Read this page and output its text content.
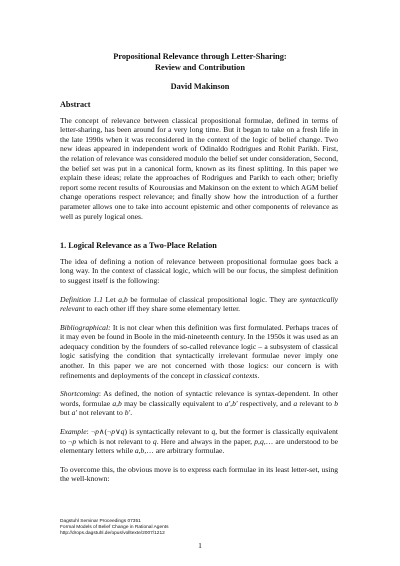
Propositional Relevance through Letter-Sharing:
Review and Contribution
David Makinson
Abstract

The concept of relevance between classical propositional formulae, defined in terms of letter-sharing, has been around for a very long time. But it began to take on a fresh life in the late 1990s when it was reconsidered in the context of the logic of belief change. Two new ideas appeared in independent work of Odinaldo Rodrigues and Rohit Parikh. First, the relation of relevance was considered modulo the belief set under consideration, Second, the belief set was put in a canonical form, known as its finest splitting. In this paper we explain these ideas; relate the approaches of Rodrigues and Parikh to each other; briefly report some recent results of Kourousias and Makinson on the extent to which AGM belief change operations respect relevance; and finally show how the introduction of a further parameter allows one to take into account epistemic and other components of relevance as well as purely logical ones.

1. Logical Relevance as a Two-Place Relation

The idea of defining a notion of relevance between propositional formulae goes back a long way. In the context of classical logic, which will be our focus, the simplest definition to suggest itself is the following:

Definition 1.1 Let a,b be formulae of classical propositional logic. They are syntactically relevant to each other iff they share some elementary letter.

Bibliographical: It is not clear when this definition was first formulated. Perhaps traces of it may even be found in Boole in the mid-nineteenth century. In the 1950s it was used as an adequacy condition by the founders of so-called relevance logic – a subsystem of classical logic satisfying the condition that syntactically irrelevant formulae never imply one another. In this paper we are not concerned with those logics: our concern is with refinements and deployments of the concept in classical contexts.

Shortcoming: As defined, the notion of syntactic relevance is syntax-dependent. In other words, formulae a,b may be classically equivalent to a′,b′ respectively, and a relevant to b but a′ not relevant to b′.

Example: ¬p∧(¬p∨q) is syntactically relevant to q, but the former is classically equivalent to ¬p which is not relevant to q. Here and always in the paper, p,q,… are understood to be elementary letters while a,b,… are arbitrary formulae.

To overcome this, the obvious move is to express each formulae in its least letter-set, using the well-known:

Dagstuhl Seminar Proceedings 07351
Formal Models of Belief Change in Rational Agents
http://drops.dagstuhl.de/opus/volltexte/2007/1212
1
